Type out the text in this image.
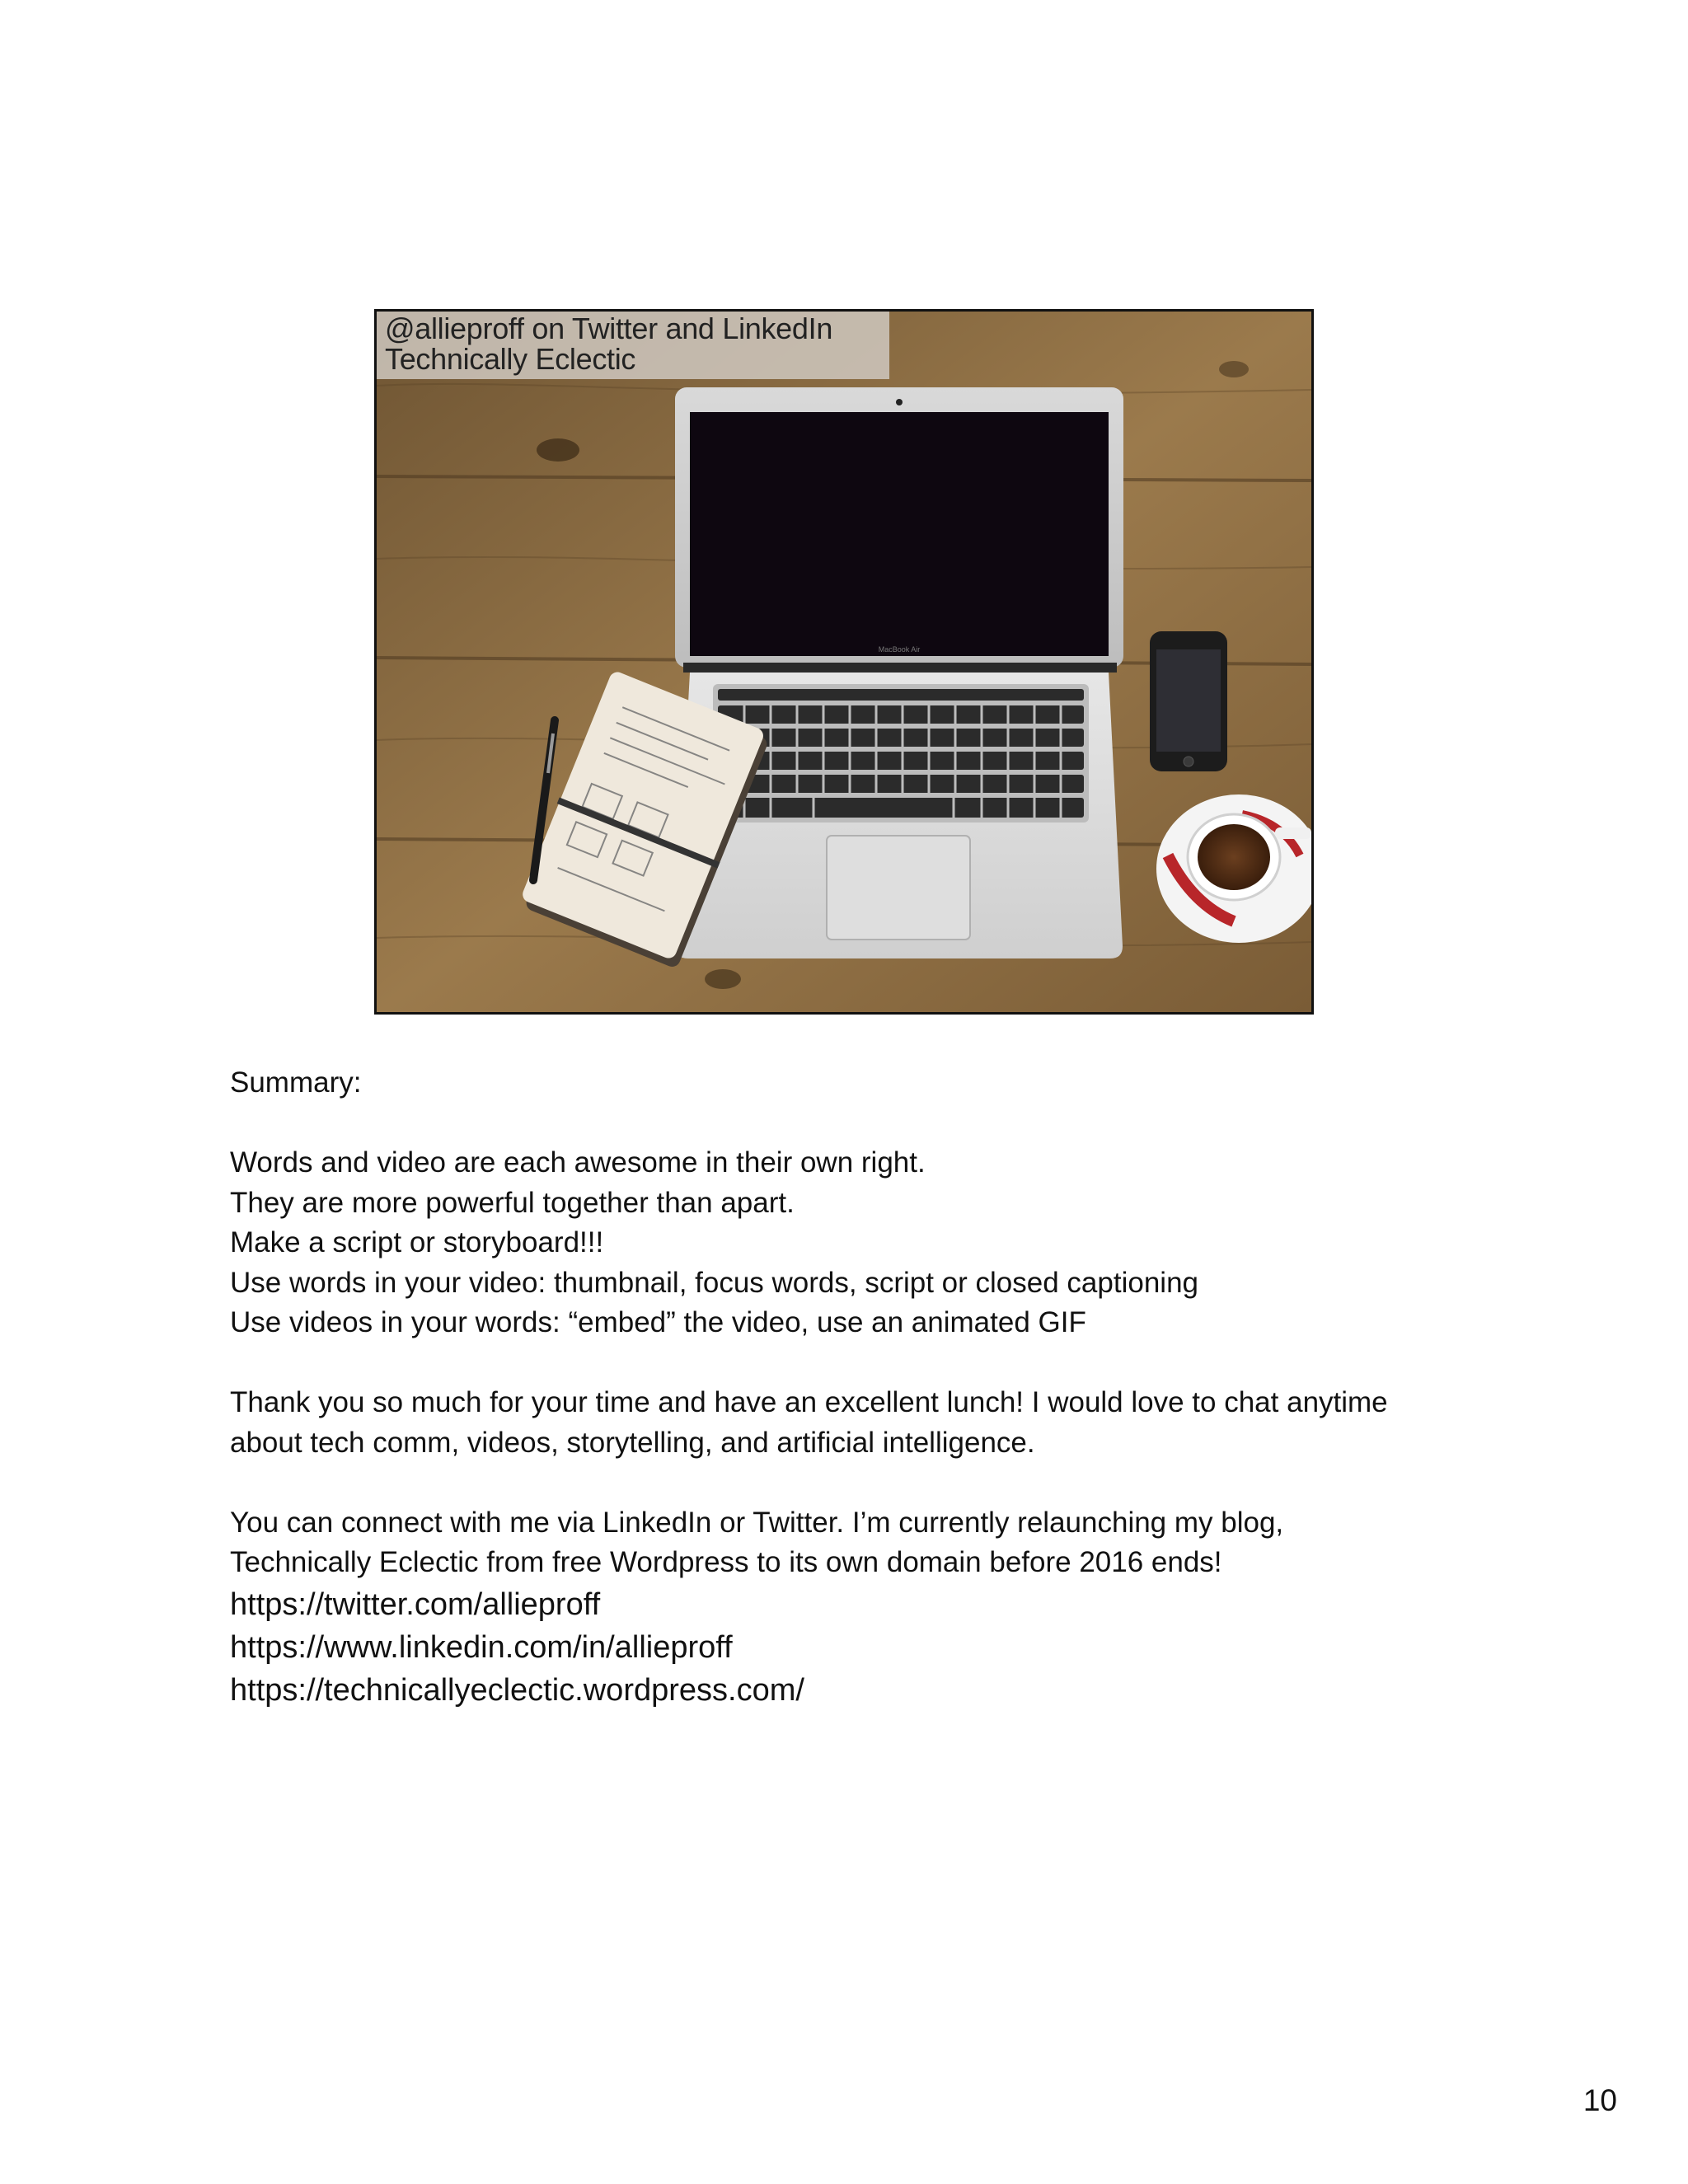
MacBook Air
@allieproff on Twitter and LinkedIn
Technically Eclectic
Summary:
Words and video are each awesome in their own right.
They are more powerful together than apart.
Make a script or storyboard!!!
Use words in your video: thumbnail, focus words, script or closed captioning
Use videos in your words: “embed” the video, use an animated GIF
Thank you so much for your time and have an excellent lunch! I would love to chat anytime
about tech comm, videos, storytelling, and artificial intelligence.
You can connect with me via LinkedIn or Twitter. I’m currently relaunching my blog,
Technically Eclectic from free Wordpress to its own domain before 2016 ends!
https://twitter.com/allieproff
https://www.linkedin.com/in/allieproff
https://technicallyeclectic.wordpress.com/
10
